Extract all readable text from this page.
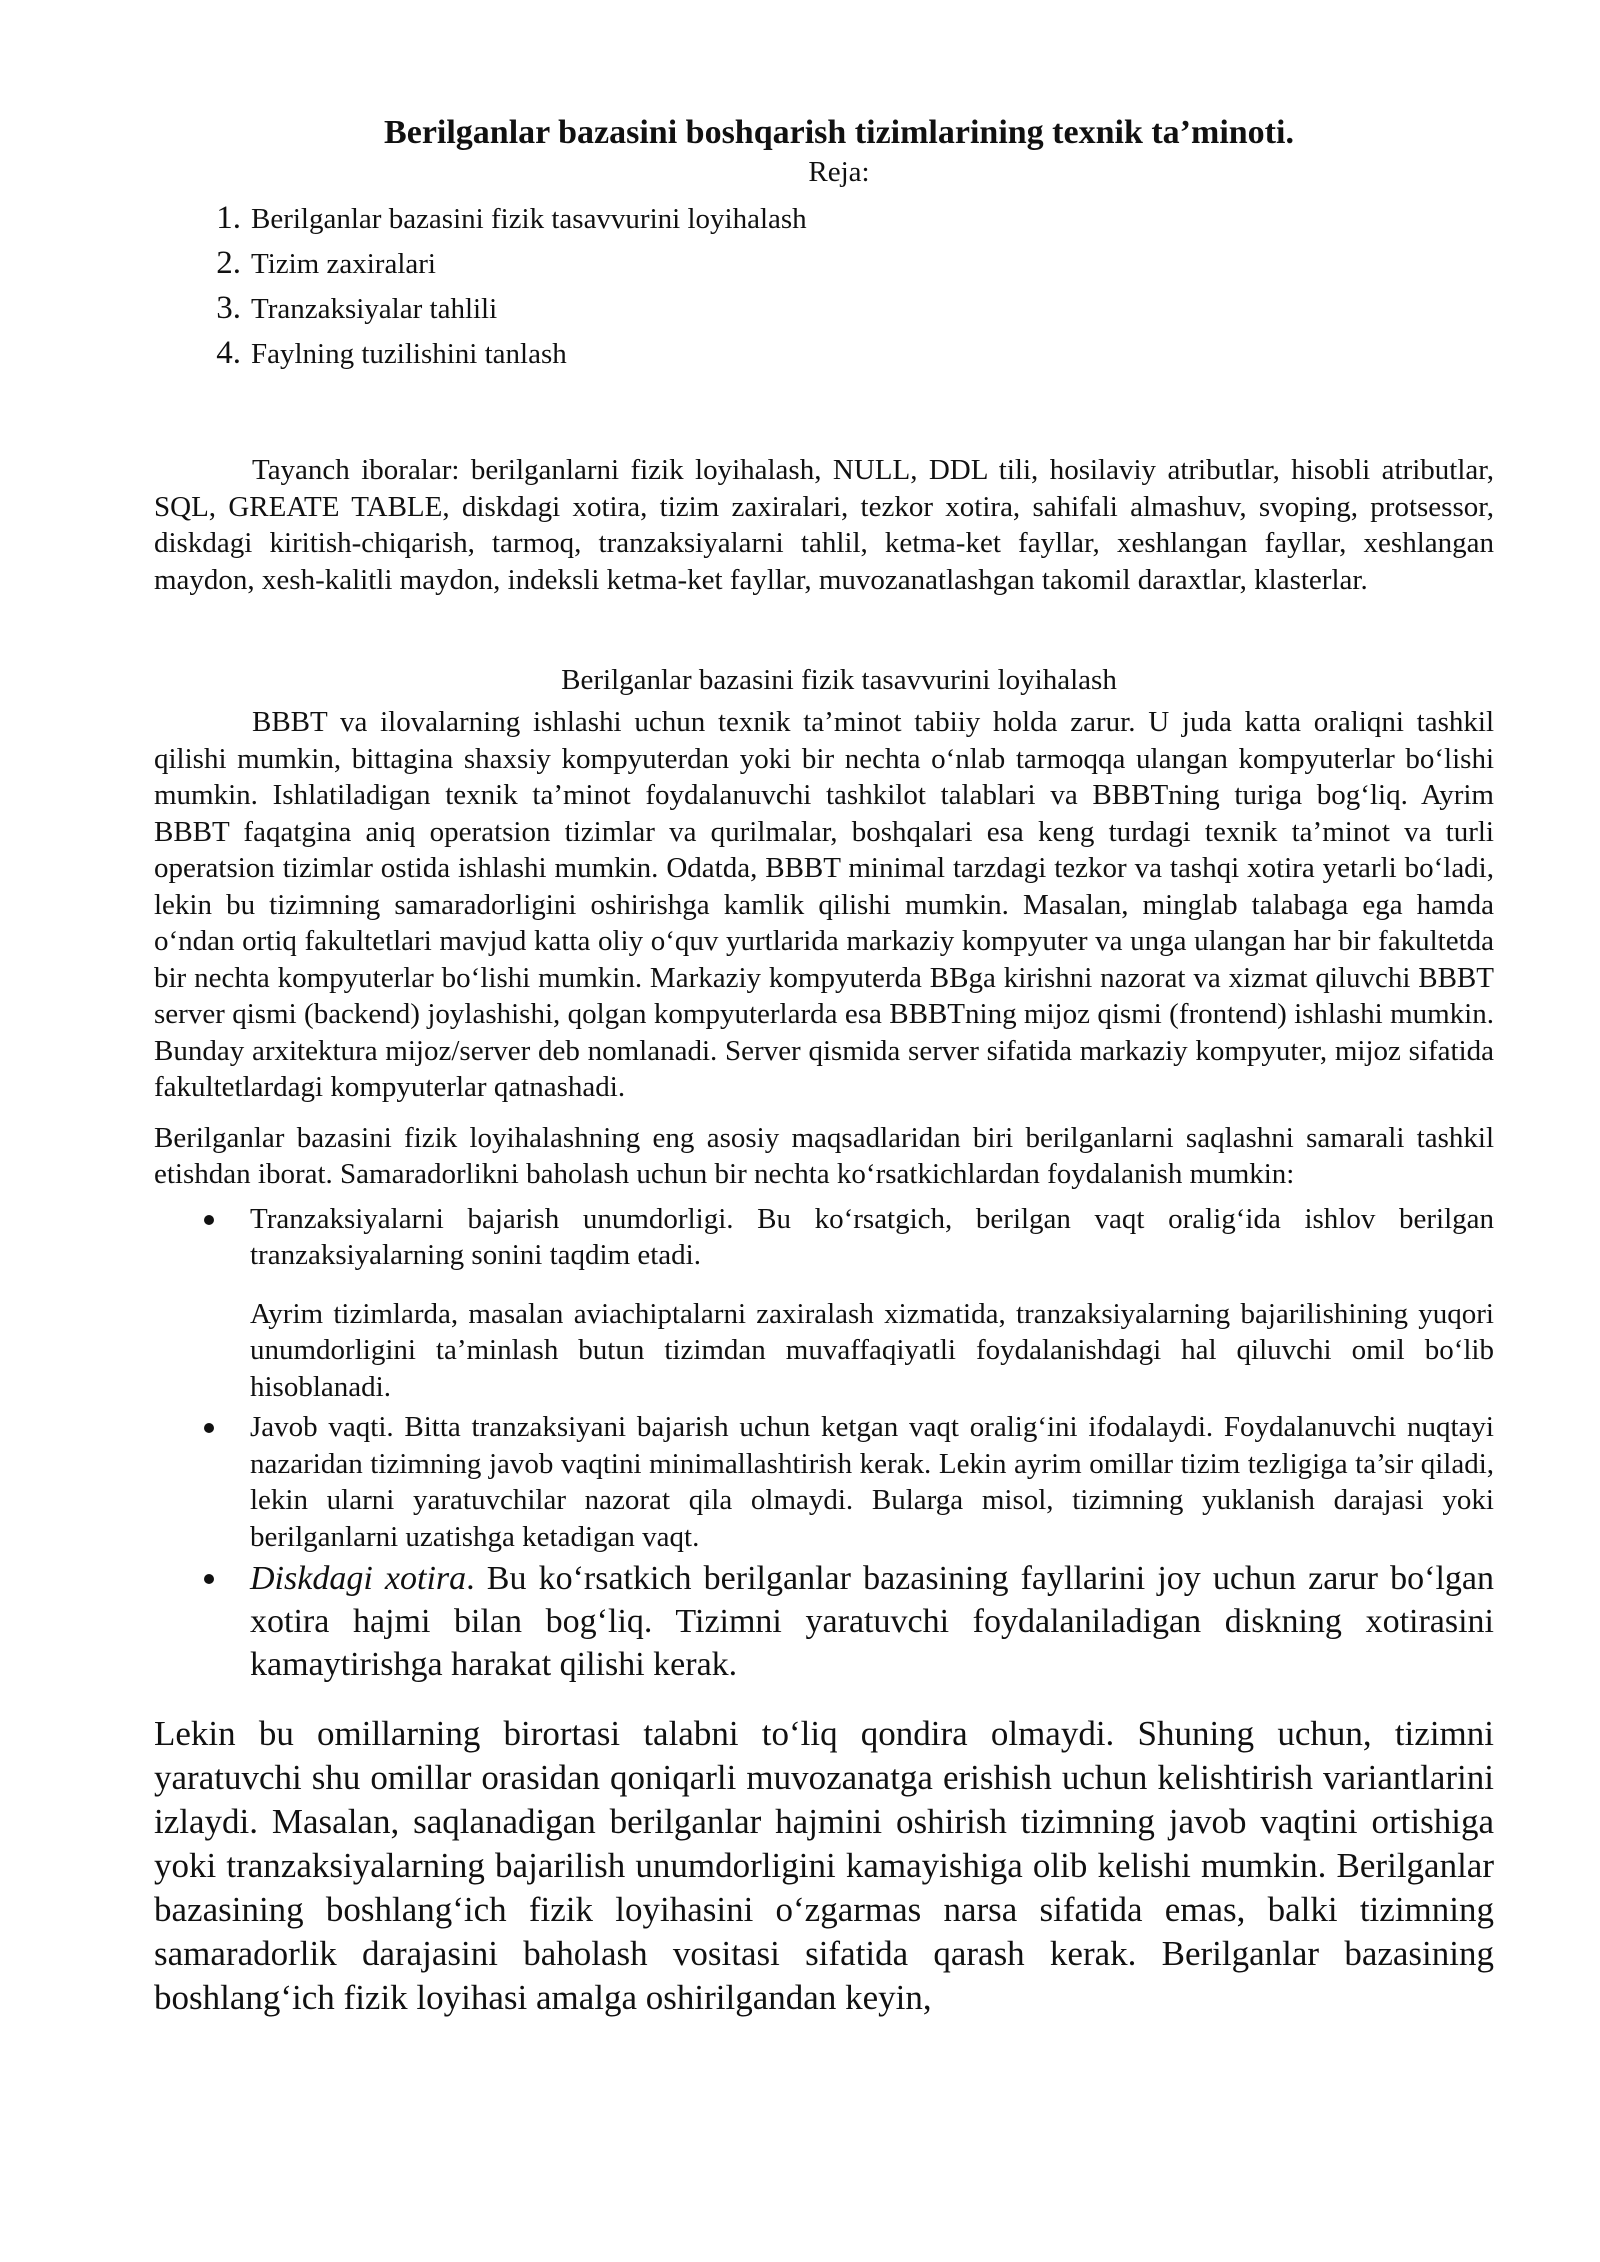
Berilganlar bazasini boshqarish tizimlarining texnik ta’minoti.
Reja:
1. Berilganlar bazasini fizik tasavvurini loyihalash
2. Tizim zaxiralari
3. Tranzaksiyalar tahlili
4. Faylning tuzilishini tanlash

Tayanch iboralar: berilganlarni fizik loyihalash, NULL, DDL tili, hosilaviy atributlar, hisobli atributlar, SQL, GREATE TABLE, diskdagi xotira, tizim zaxiralari, tezkor xotira, sahifali almashuv, svoping, protsessor, diskdagi kiritish-chiqarish, tarmoq, tranzaksiyalarni tahlil, ketma-ket fayllar, xeshlangan fayllar, xeshlangan maydon, xesh-kalitli maydon, indeksli ketma-ket fayllar, muvozanatlashgan takomil daraxtlar, klasterlar.

Berilganlar bazasini fizik tasavvurini loyihalash

BBBT va ilovalarning ishlashi uchun texnik ta’minot tabiiy holda zarur. U juda katta oraliqni tashkil qilishi mumkin, bittagina shaxsiy kompyuterdan yoki bir nechta o‘nlab tarmoqqa ulangan kompyuterlar bo‘lishi mumkin. Ishlatiladigan texnik ta’minot foydalanuvchi tashkilot talablari va BBBTning turiga bog‘liq. Ayrim BBBT faqatgina aniq operatsion tizimlar va qurilmalar, boshqalari esa keng turdagi texnik ta’minot va turli operatsion tizimlar ostida ishlashi mumkin. Odatda, BBBT minimal tarzdagi tezkor va tashqi xotira yetarli bo‘ladi, lekin bu tizimning samaradorligini oshirishga kamlik qilishi mumkin. Masalan, minglab talabaga ega hamda o‘ndan ortiq fakultetlari mavjud katta oliy o‘quv yurtlarida markaziy kompyuter va unga ulangan har bir fakultetda bir nechta kompyuterlar bo‘lishi mumkin. Markaziy kompyuterda BBga kirishni nazorat va xizmat qiluvchi BBBT server qismi (backend) joylashishi, qolgan kompyuterlarda esa BBBTning mijoz qismi (frontend) ishlashi mumkin. Bunday arxitektura mijoz/server deb nomlanadi. Server qismida server sifatida markaziy kompyuter, mijoz sifatida fakultetlardagi kompyuterlar qatnashadi.

Berilganlar bazasini fizik loyihalashning eng asosiy maqsadlaridan biri berilganlarni saqlashni samarali tashkil etishdan iborat. Samaradorlikni baholash uchun bir nechta ko‘rsatkichlardan foydalanish mumkin:

Tranzaksiyalarni bajarish unumdorligi. Bu ko‘rsatgich, berilgan vaqt oralig‘ida ishlov berilgan tranzaksiyalarning sonini taqdim etadi.

Ayrim tizimlarda, masalan aviachiptalarni zaxiralash xizmatida, tranzaksiyalarning bajarilishining yuqori unumdorligini ta’minlash butun tizimdan muvaffaqiyatli foydalanishdagi hal qiluvchi omil bo‘lib hisoblanadi.

Javob vaqti. Bitta tranzaksiyani bajarish uchun ketgan vaqt oralig‘ini ifodalaydi. Foydalanuvchi nuqtayi nazaridan tizimning javob vaqtini minimallashtirish kerak. Lekin ayrim omillar tizim tezligiga ta’sir qiladi, lekin ularni yaratuvchilar nazorat qila olmaydi. Bularga misol, tizimning yuklanish darajasi yoki berilganlarni uzatishga ketadigan vaqt.

Diskdagi xotira. Bu ko‘rsatkich berilganlar bazasining fayllarini joy uchun zarur bo‘lgan xotira hajmi bilan bog‘liq. Tizimni yaratuvchi foydalaniladigan diskning xotirasini kamaytirishga harakat qilishi kerak.

Lekin bu omillarning birortasi talabni to‘liq qondira olmaydi. Shuning uchun, tizimni yaratuvchi shu omillar orasidan qoniqarli muvozanatga erishish uchun kelishtirish variantlarini izlaydi. Masalan, saqlanadigan berilganlar hajmini oshirish tizimning javob vaqtini ortishiga yoki tranzaksiyalarning bajarilish unumdorligini kamayishiga olib kelishi mumkin. Berilganlar bazasining boshlang‘ich fizik loyihasini o‘zgarmas narsa sifatida emas, balki tizimning samaradorlik darajasini baholash vositasi sifatida qarash kerak. Berilganlar bazasining boshlang‘ich fizik loyihasi amalga oshirilgandan keyin,
